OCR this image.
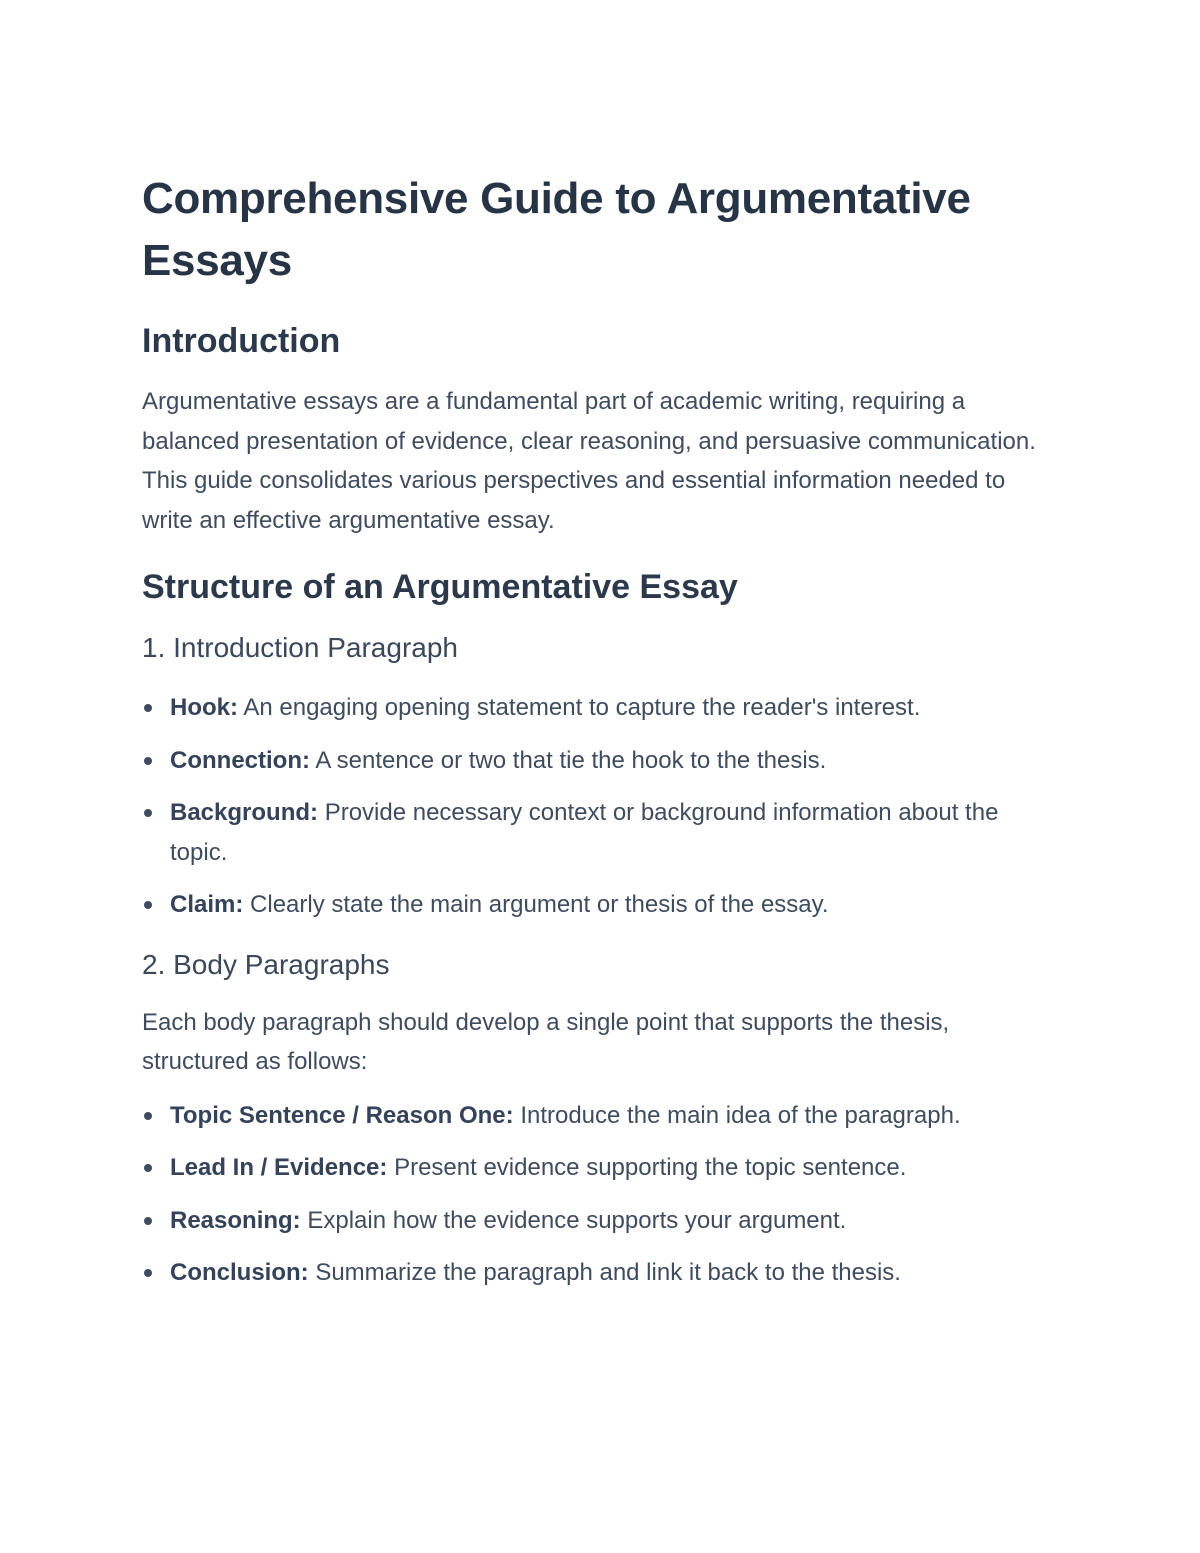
Comprehensive Guide to Argumentative Essays
Introduction

Argumentative essays are a fundamental part of academic writing, requiring a balanced presentation of evidence, clear reasoning, and persuasive communication. This guide consolidates various perspectives and essential information needed to write an effective argumentative essay.

Structure of an Argumentative Essay
1. Introduction Paragraph
Hook: An engaging opening statement to capture the reader's interest.
Connection: A sentence or two that tie the hook to the thesis.
Background: Provide necessary context or background information about the topic.
Claim: Clearly state the main argument or thesis of the essay.
2. Body Paragraphs

Each body paragraph should develop a single point that supports the thesis, structured as follows:

Topic Sentence / Reason One: Introduce the main idea of the paragraph.
Lead In / Evidence: Present evidence supporting the topic sentence.
Reasoning: Explain how the evidence supports your argument.
Conclusion: Summarize the paragraph and link it back to the thesis.
